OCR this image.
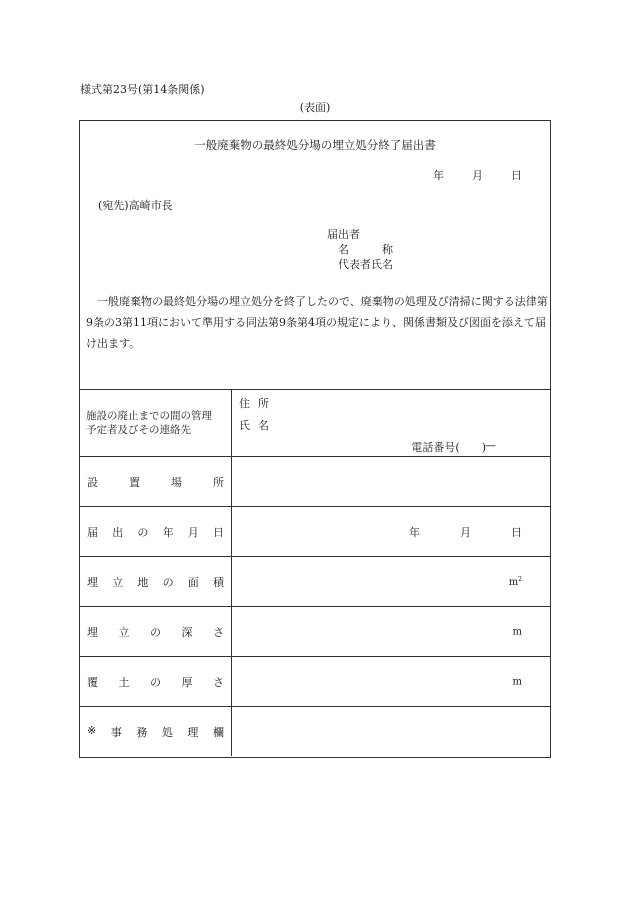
様式第23号(第14条関係)
(表面)
一般廃棄物の最終処分場の埋立処分終了届出書
年	月	日
(宛先)高崎市長
届出者
名　　　称
代表者氏名
一般廃棄物の最終処分場の埋立処分を終了したので、廃棄物の処理及び清掃に関する法律第9条の3第11項において準用する同法第9条第4項の規定により、関係書類及び図面を添えて届け出ます。
施設の廃止までの間の管理
予定者及びその連絡先
住 所
氏 名
電話番号(　　) —
設	置	場	所
届 出 の 年 月 日	年	月	日
埋 立 地 の 面 積	$m^2$
埋 立 の 深 さ	m
覆 土 の 厚 さ	m
※ 事 務 処 理 欄
